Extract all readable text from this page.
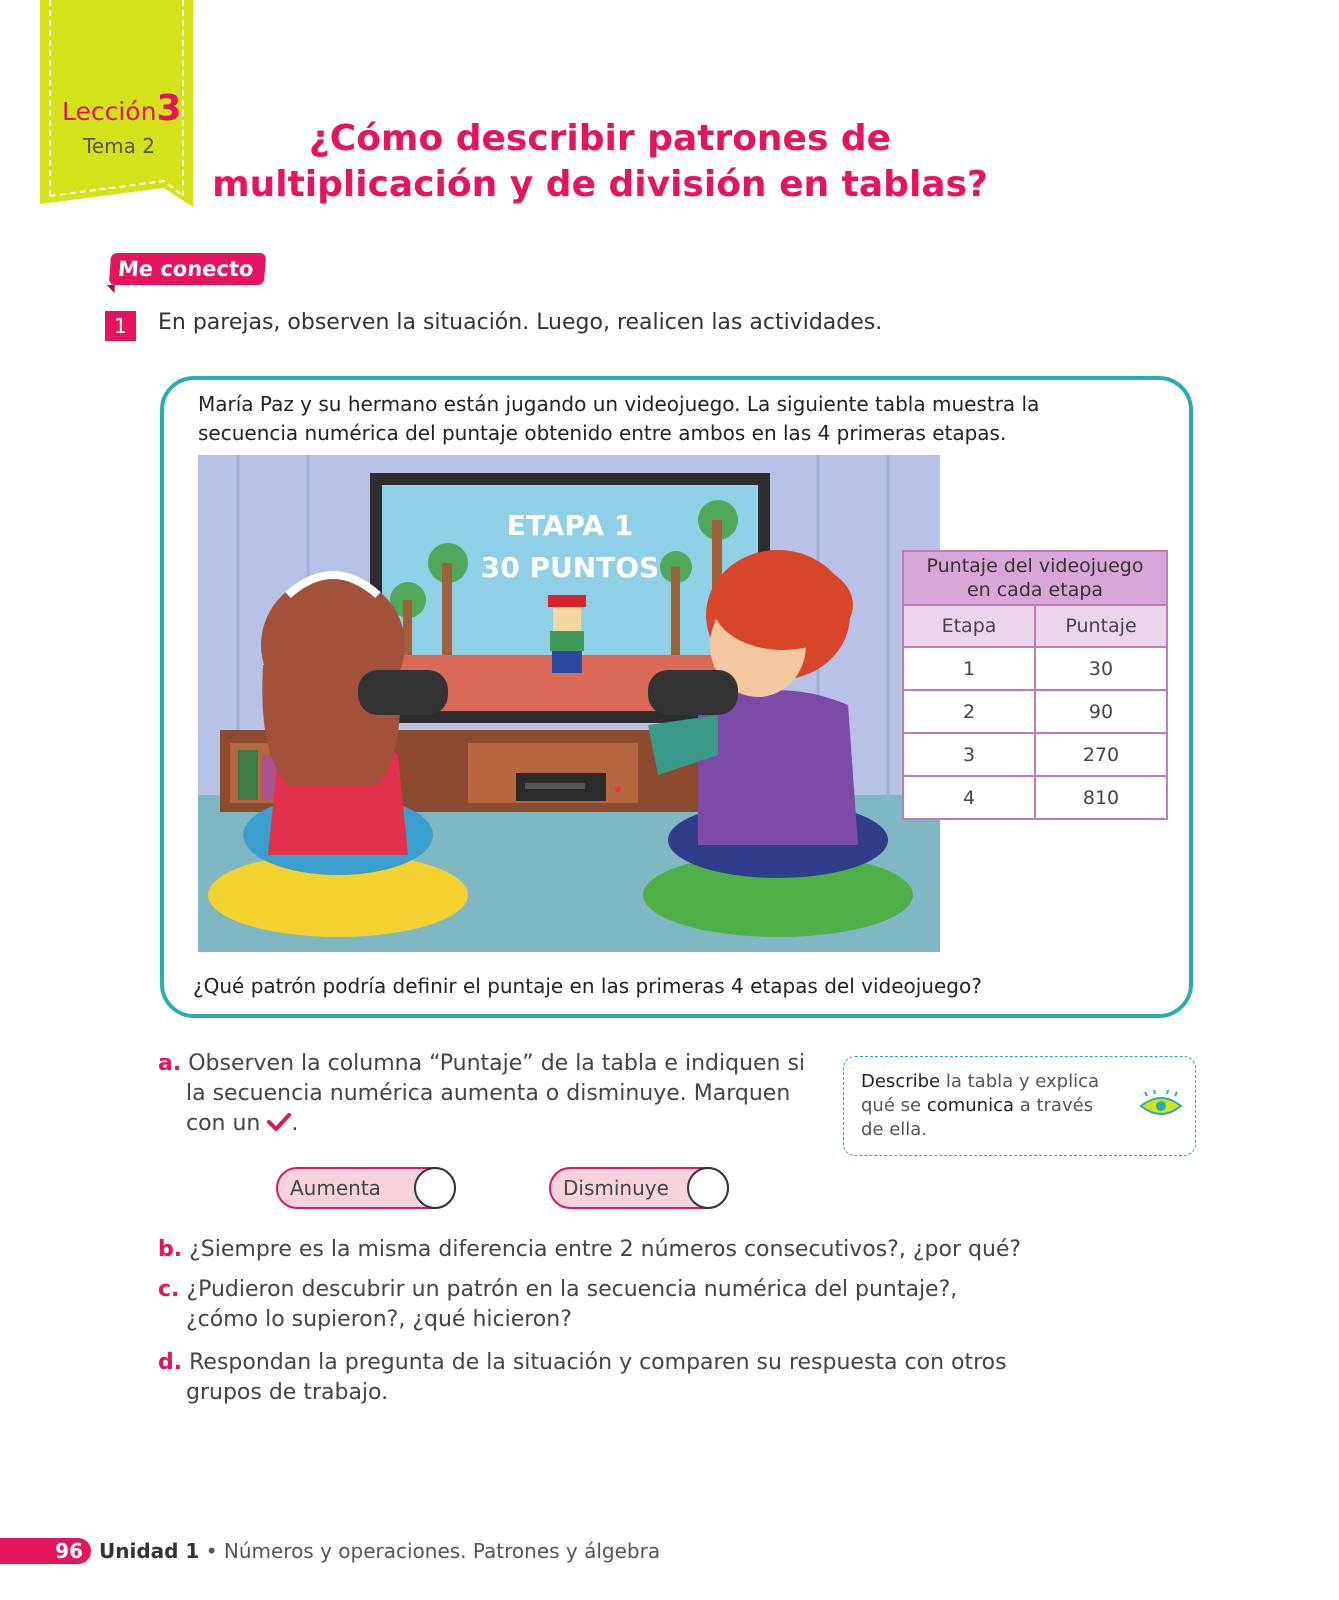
Lección3
Tema 2	¿Cómo describir patrones de
multiplicación y de división en tablas?
Me conecto
1	En parejas, observen la situación. Luego, realicen las actividades.
María Paz y su hermano están jugando un videojuego. La siguiente tabla muestra la secuencia numérica del puntaje obtenido entre ambos en las 4 primeras etapas.
ETAPA 1
30 PUNTOS	Puntaje del videojuego
en cada etapa	

Etapa	Puntaje
1	30
2	90
3	270
4	810
¿Qué patrón podría definir el puntaje en las primeras 4 etapas del videojuego?
a. Observen la columna “Puntaje” de la tabla e indiquen si
la secuencia numérica aumenta o disminuye. Marquen
con un .
Describe la tabla y explica
qué se comunica a través
de ella.
Aumenta	Disminuye
b. ¿Siempre es la misma diferencia entre 2 números consecutivos?, ¿por qué?
c. ¿Pudieron descubrir un patrón en la secuencia numérica del puntaje?,
¿cómo lo supieron?, ¿qué hicieron?
d. Respondan la pregunta de la situación y comparen su respuesta con otros
grupos de trabajo.
96 Unidad 1 • Números y operaciones. Patrones y álgebra
